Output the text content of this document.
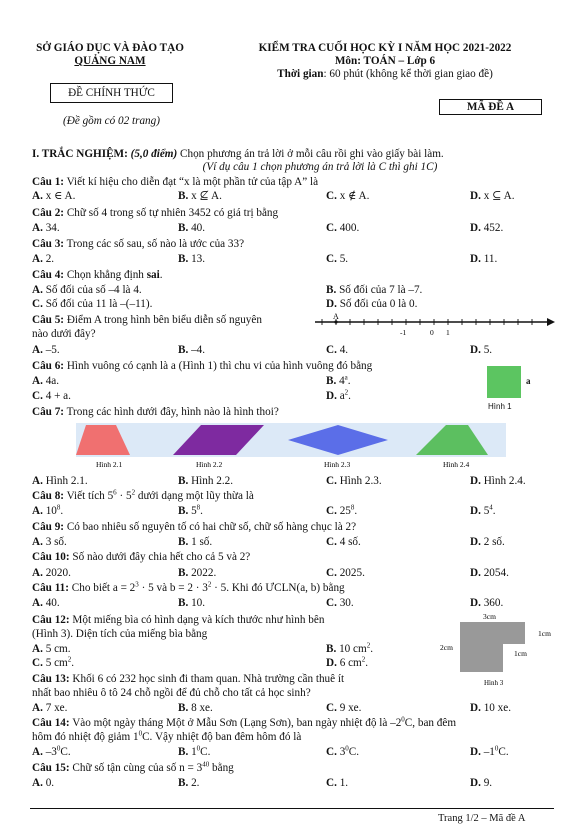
SỞ GIÁO DỤC VÀ ĐÀO TẠO
QUẢNG NAM
ĐỀ CHÍNH THỨC
(Đề gồm có 02 trang)
KIỂM TRA CUỐI HỌC KỲ I NĂM HỌC 2021-2022
Môn: TOÁN – Lớp 6
Thời gian: 60 phút (không kể thời gian giao đề)
MÃ ĐỀ A
I. TRẮC NGHIỆM: (5,0 điểm) Chọn phương án trả lời ở mỗi câu rồi ghi vào giấy bài làm.
(Ví dụ câu 1 chọn phương án trả lời là C thì ghi 1C)
Câu 1: Viết kí hiệu cho diễn đạt “x là một phần tử của tập A” là
A. x ∈ A.	B. x ⊈ A.	C. x ∉ A.	D. x ⊆ A.
Câu 2: Chữ số 4 trong số tự nhiên 3452 có giá trị bằng
A. 34.	B. 40.	C. 400.	D. 452.
Câu 3: Trong các số sau, số nào là ước của 33?
A. 2.	B. 13.	C. 5.	D. 11.
Câu 4: Chọn khẳng định sai.
A. Số đối của số –4 là 4.	B. Số đối của 7 là –7.
C. Số đối của 11 là –(–11).	D. Số đối của 0 là 0.
Câu 5: Điểm A trong hình bên biểu diễn số nguyên
nào dưới đây?
A
-1	0 1
A. –5.	B. –4.	C. 4.	D. 5.
Câu 6: Hình vuông có cạnh là a (Hình 1) thì chu vi của hình vuông đó bằng
A. 4a.	B. 4$^a$.
C. 4 + a.	D. $a^2$.
a
Hình 1
Câu 7: Trong các hình dưới đây, hình nào là hình thoi?
Hình 2.1	Hình 2.2	Hình 2.3	Hình 2.4
A. Hình 2.1.	B. Hình 2.2.	C. Hình 2.3.	D. Hình 2.4.
Câu 8: Viết tích $5^6 \cdot 5^2$ dưới dạng một lũy thừa là
A. $10^8$.	B. $5^8$.	C. $25^8$.	D. $5^4$.
Câu 9: Có bao nhiêu số nguyên tố có hai chữ số, chữ số hàng chục là 2?
A. 3 số.	B. 1 số.	C. 4 số.	D. 2 số.
Câu 10: Số nào dưới đây chia hết cho cả 5 và 2?
A. 2020.	B. 2022.	C. 2025.	D. 2054.
Câu 11: Cho biết $a = 2^3 \cdot 5$ và $b = 2 \cdot 3^2 \cdot 5$. Khi đó ƯCLN(a, b) bằng
A. 40.	B. 10.	C. 30.	D. 360.
Câu 12: Một miếng bìa có hình dạng và kích thước như hình bên
(Hình 3). Diện tích của miếng bìa bằng
A. 5 cm.	B. 10 $cm^2$.
C. 5 $cm^2$.	D. 6 $cm^2$.
3cm
1cm
2cm
1cm
Hình 3
Câu 13: Khối 6 có 232 học sinh đi tham quan. Nhà trường cần thuê ít
nhất bao nhiêu ô tô 24 chỗ ngồi để đủ chỗ cho tất cả học sinh?
A. 7 xe.	B. 8 xe.	C. 9 xe.	D. 10 xe.
Câu 14: Vào một ngày tháng Một ở Mẫu Sơn (Lạng Sơn), ban ngày nhiệt độ là $-2^0C$, ban đêm
hôm đó nhiệt độ giảm $1^0C$. Vậy nhiệt độ ban đêm hôm đó là
A. $-3^0C$.	B. $1^0C$.	C. $3^0C$.	D. $-1^0C$.
Câu 15: Chữ số tận cùng của số $n = 3^{40}$ bằng
A. 0.	B. 2.	C. 1.	D. 9.
Trang 1/2 – Mã đề A
